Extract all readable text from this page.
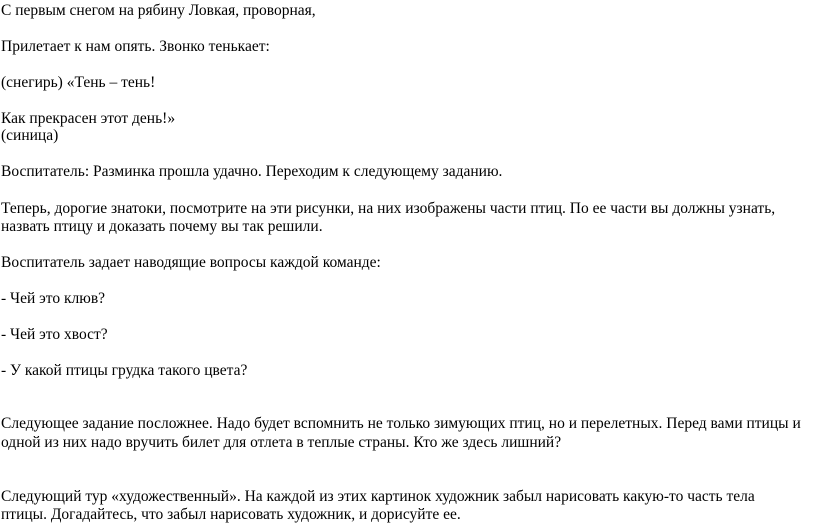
С первым снегом на рябину Ловкая, проворная,
Прилетает к нам опять. Звонко тенькает:
(снегирь) «Тень – тень!
Как прекрасен этот день!»
(синица)
Воспитатель: Разминка прошла удачно. Переходим к следующему заданию.
Теперь, дорогие знатоки, посмотрите на эти рисунки, на них изображены части птиц. По ее части вы должны узнать,
назвать птицу и доказать почему вы так решили.
Воспитатель задает наводящие вопросы каждой команде:
- Чей это клюв?
- Чей это хвост?
- У какой птицы грудка такого цвета?
Следующее задание посложнее. Надо будет вспомнить не только зимующих птиц, но и перелетных. Перед вами птицы и
одной из них надо вручить билет для отлета в теплые страны. Кто же здесь лишний?
Следующий тур «художественный». На каждой из этих картинок художник забыл нарисовать какую-то часть тела
птицы. Догадайтесь, что забыл нарисовать художник, и дорисуйте ее.
